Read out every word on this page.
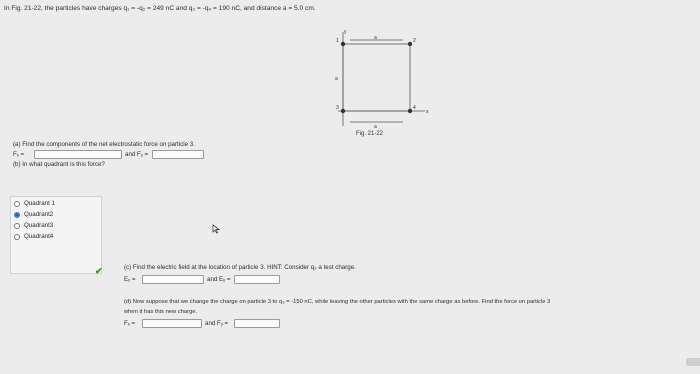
In Fig. 21-22, the particles have charges q₁ = -q₂ = 249 nC and q₃ = -q₄ = 190 nC, and distance a = 5.0 cm.
y
x
a
a
a
1	2
3	4
Fig. 21-22
(a) Find the components of the net electrostatic force on particle 3.
Fₓ =	and Fᵧ =
(b) In what quadrant is this force?
Quadrant 1
Quadrant2
Quadrant3
Quadrant4
✔	(c) Find the electric field at the location of particle 3. HINT: Consider q₃ a test charge.
Eₓ =	and Eᵧ =
(d) Now suppose that we change the charge on particle 3 to q₃ = -150 nC, while leaving the other particles with the same charge as before. Find the force on particle 3
when it has this new charge.
Fₓ =	and Fᵧ =
